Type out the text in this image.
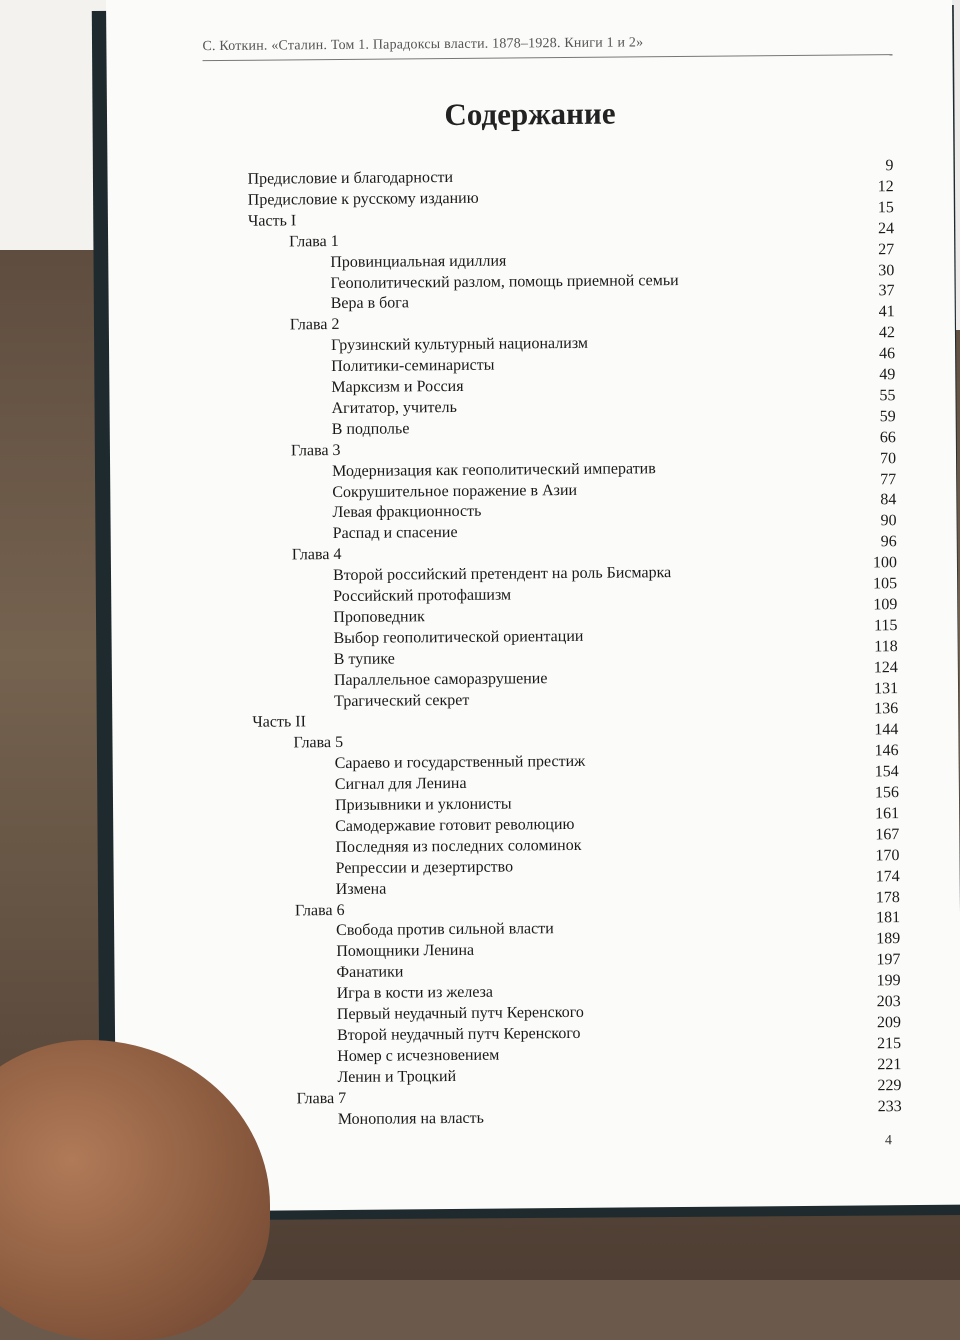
С. Коткин. «Сталин. Том 1. Парадоксы власти. 1878–1928. Книги 1 и 2»
Содержание
Предисловие и благодарности
9
Предисловие к русскому изданию
12
Часть I
15
Глава 1
24
Провинциальная идиллия
27
Геополитический разлом, помощь приемной семьи
30
Вера в бога
37
Глава 2
41
Грузинский культурный национализм
42
Политики-семинаристы
46
Марксизм и Россия
49
Агитатор, учитель
55
В подполье
59
Глава 3
66
Модернизация как геополитический императив
70
Сокрушительное поражение в Азии
77
Левая фракционность
84
Распад и спасение
90
Глава 4
96
Второй российский претендент на роль Бисмарка
100
Российский протофашизм
105
Проповедник
109
Выбор геополитической ориентации
115
В тупике
118
Параллельное саморазрушение
124
Трагический секрет
131
Часть II
136
Глава 5
144
Сараево и государственный престиж
146
Сигнал для Ленина
154
Призывники и уклонисты
156
Самодержавие готовит революцию
161
Последняя из последних соломинок
167
Репрессии и дезертирство
170
Измена
174
Глава 6
178
Свобода против сильной власти
181
Помощники Ленина
189
Фанатики
197
Игра в кости из железа
199
Первый неудачный путч Керенского
203
Второй неудачный путч Керенского
209
Номер с исчезновением
215
Ленин и Троцкий
221
Глава 7
229
Монополия на власть
233
4
